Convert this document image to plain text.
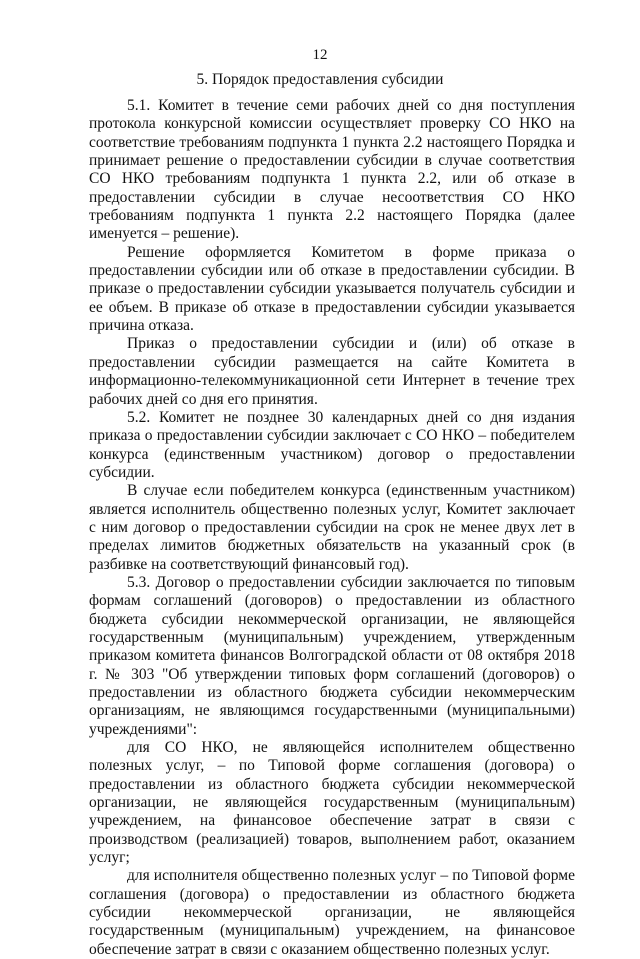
12
5. Порядок предоставления субсидии

5.1. Комитет в течение семи рабочих дней со дня поступления протокола конкурсной комиссии осуществляет проверку СО НКО на соответствие требованиям подпункта 1 пункта 2.2 настоящего Порядка и принимает решение о предоставлении субсидии в случае соответствия СО НКО требованиям подпункта 1 пункта 2.2, или об отказе в предоставлении субсидии в случае несоответствия СО НКО требованиям подпункта 1 пункта 2.2 настоящего Порядка (далее именуется – решение).

Решение оформляется Комитетом в форме приказа о предоставлении субсидии или об отказе в предоставлении субсидии. В приказе о предоставлении субсидии указывается получатель субсидии и ее объем. В приказе об отказе в предоставлении субсидии указывается причина отказа.

Приказ о предоставлении субсидии и (или) об отказе в предоставлении субсидии размещается на сайте Комитета в информационно-телекоммуникационной сети Интернет в течение трех рабочих дней со дня его принятия.

5.2. Комитет не позднее 30 календарных дней со дня издания приказа о предоставлении субсидии заключает с СО НКО – победителем конкурса (единственным участником) договор о предоставлении субсидии.

В случае если победителем конкурса (единственным участником) является исполнитель общественно полезных услуг, Комитет заключает с ним договор о предоставлении субсидии на срок не менее двух лет в пределах лимитов бюджетных обязательств на указанный срок (в разбивке на соответствующий финансовый год).

5.3. Договор о предоставлении субсидии заключается по типовым формам соглашений (договоров) о предоставлении из областного бюджета субсидии некоммерческой организации, не являющейся государственным (муниципальным) учреждением, утвержденным приказом комитета финансов Волгоградской области от 08 октября 2018 г. № 303 "Об утверждении типовых форм соглашений (договоров) о предоставлении из областного бюджета субсидии некоммерческим организациям, не являющимся государственными (муниципальными) учреждениями":

для СО НКО, не являющейся исполнителем общественно полезных услуг, – по Типовой форме соглашения (договора) о предоставлении из областного бюджета субсидии некоммерческой организации, не являющейся государственным (муниципальным) учреждением, на финансовое обеспечение затрат в связи с производством (реализацией) товаров, выполнением работ, оказанием услуг;

для исполнителя общественно полезных услуг – по Типовой форме соглашения (договора) о предоставлении из областного бюджета субсидии некоммерческой организации, не являющейся государственным (муниципальным) учреждением, на финансовое обеспечение затрат в связи с оказанием общественно полезных услуг.
